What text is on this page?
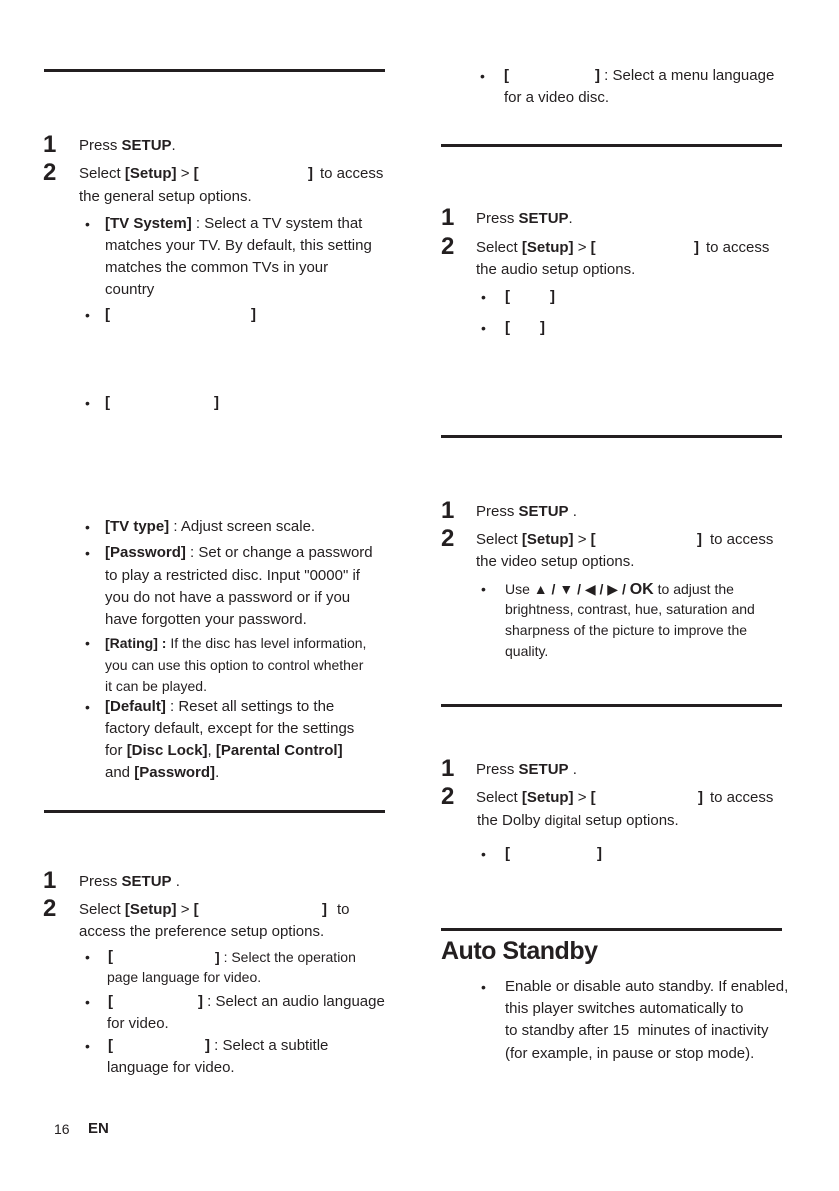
1 Press SETUP.
2 Select [Setup] > [	] to access
the general setup options.
• [TV System] : Select a TV system that
matches your TV. By default, this setting
matches the common TVs in your
country
• [	]
• [	]
• [TV type] : Adjust screen scale.
• [Password] : Set or change a password
to play a restricted disc. Input "0000" if
you do not have a password or if you
have forgotten your password.
• [Rating] : If the disc has level information,
you can use this option to control whether
it can be played.
• [Default] : Reset all settings to the
factory default, except for the settings
for [Disc Lock], [Parental Control]
and [Password].
1 Press SETUP .
2 Select [Setup] > [	] to
access the preference setup options.
• [	] : Select the operation
page language for video.
• [	] : Select an audio language
for video.
• [	] : Select a subtitle
language for video.
• [	] : Select a menu language
for a video disc.
1 Press SETUP.
2 Select [Setup] > [	] to access
the audio setup options.
• [	]
• [ ]
1 Press SETUP .
2 Select [Setup] > [	] to access
the video setup options.
• Use ▲ / ▼ / ◀ / ▶ / OK to adjust the
brightness, contrast, hue, saturation and
sharpness of the picture to improve the
quality.
1 Press SETUP .
2 Select [Setup] > [	] to access
the Dolby digital setup options.
• [	]
Auto Standby
• Enable or disable auto standby. If enabled,
this player switches automatically to
to standby after 15 minutes of inactivity
(for example, in pause or stop mode).
16 EN
